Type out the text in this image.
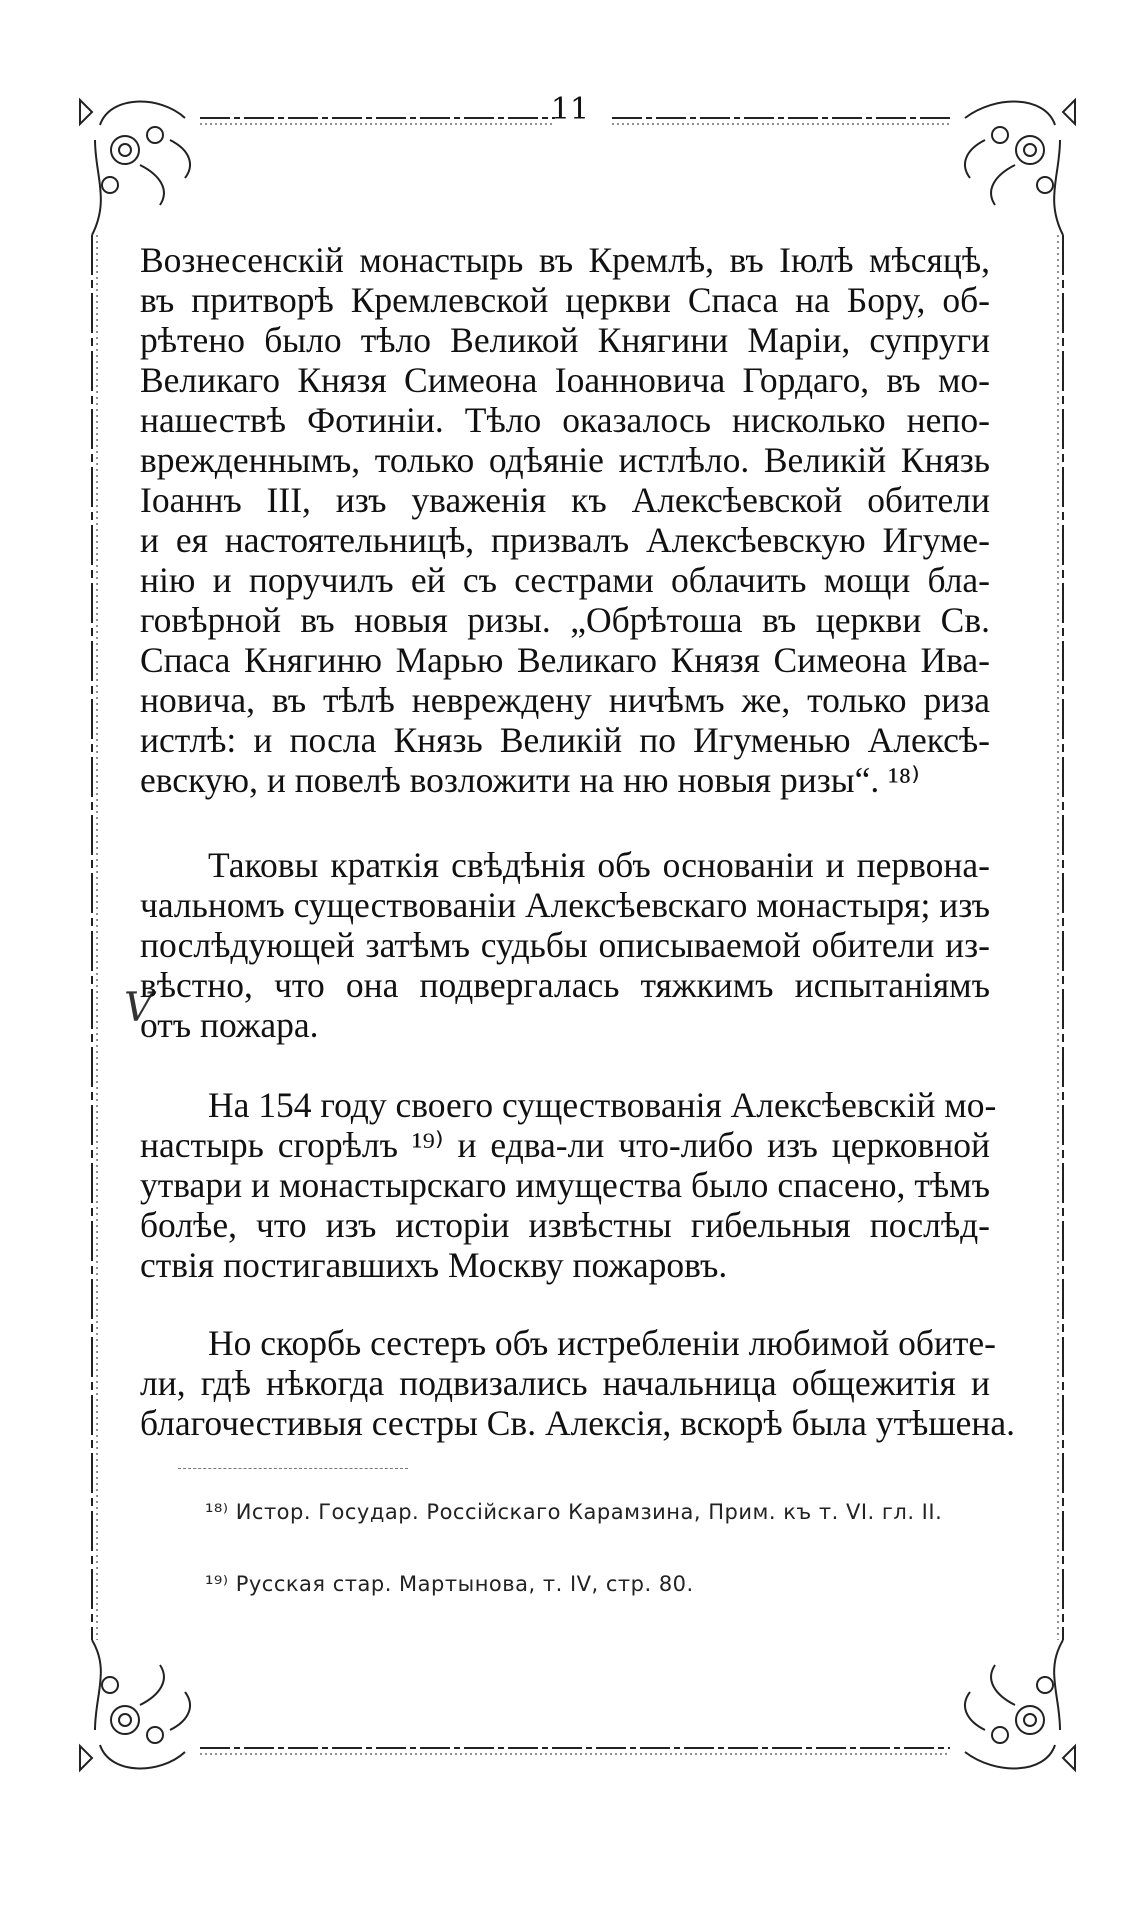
11
V
Вознесенскій монастырь въ Кремлѣ, въ Іюлѣ мѣсяцѣ,
въ притворѣ Кремлевской церкви Спаса на Бору, об-
рѣтено было тѣло Великой Княгини Маріи, супруги
Великаго Князя Симеона Іоанновича Гордаго, въ мо-
нашествѣ Фотиніи. Тѣло оказалось нисколько непо-
врежденнымъ, только одѣяніе истлѣло. Великій Князь
Іоаннъ III, изъ уваженія къ Алексѣевской обители
и ея настоятельницѣ, призвалъ Алексѣевскую Игуме-
нію и поручилъ ей съ сестрами облачить мощи бла-
говѣрной въ новыя ризы. „Обрѣтоша въ церкви Св.
Спаса Княгиню Марью Великаго Князя Симеона Ива-
новича, въ тѣлѣ невреждену ничѣмъ же, только риза
истлѣ: и посла Князь Великій по Игуменью Алексѣ-
евскую, и повелѣ возложити на ню новыя ризы“. ¹⁸⁾
Таковы краткія свѣдѣнія объ основаніи и первона-
чальномъ существованіи Алексѣевскаго монастыря; изъ
послѣдующей затѣмъ судьбы описываемой обители из-
вѣстно, что она подвергалась тяжкимъ испытаніямъ
отъ пожара.
На 154 году своего существованія Алексѣевскій мо-
настырь сгорѣлъ ¹⁹⁾ и едва-ли что-либо изъ церковной
утвари и монастырскаго имущества было спасено, тѣмъ
болѣе, что изъ исторіи извѣстны гибельныя послѣд-
ствія постигавшихъ Москву пожаровъ.
Но скорбь сестеръ объ истребленіи любимой обите-
ли, гдѣ нѣкогда подвизались начальница общежитія и
благочестивыя сестры Св. Алексія, вскорѣ была утѣшена.
¹⁸⁾ Истор. Государ. Россійскаго Карамзина, Прим. къ т. VI. гл. II.
¹⁹⁾ Русская стар. Мартынова, т. IV, стр. 80.
